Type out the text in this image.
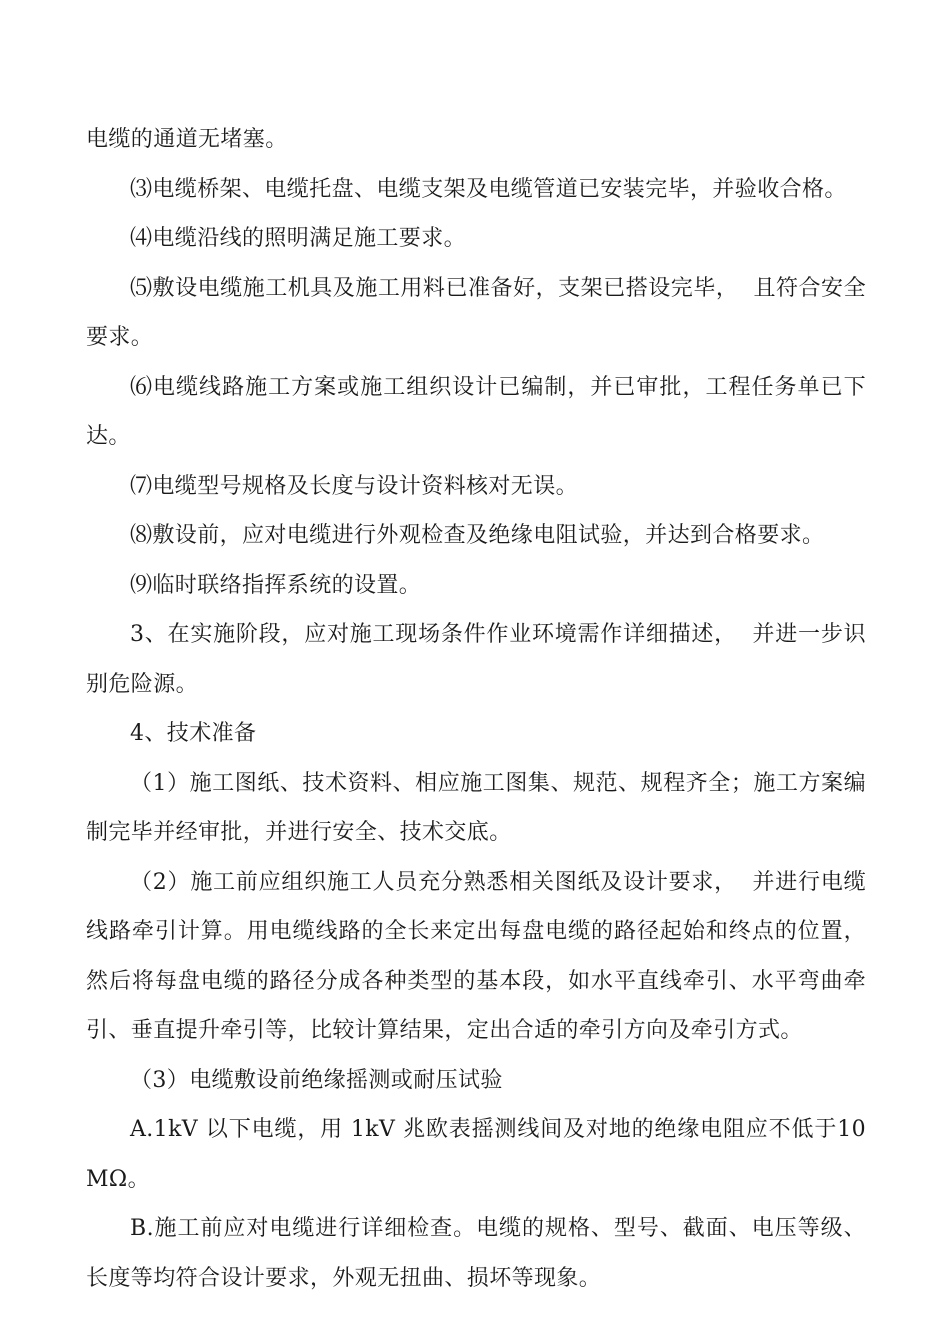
电缆的通道无堵塞。

⑶电缆桥架、电缆托盘、电缆支架及电缆管道已安装完毕，并验收合格。

⑷电缆沿线的照明满足施工要求。

⑸敷设电缆施工机具及施工用料已准备好，支架已搭设完毕，  且符合安全要求。

⑹电缆线路施工方案或施工组织设计已编制，并已审批，工程任务单已下达。

⑺电缆型号规格及长度与设计资料核对无误。

⑻敷设前，应对电缆进行外观检查及绝缘电阻试验，并达到合格要求。

⑼临时联络指挥系统的设置。

3、在实施阶段，应对施工现场条件作业环境需作详细描述，  并进一步识别危险源。

4、技术准备

（1）施工图纸、技术资料、相应施工图集、规范、规程齐全；施工方案编制完毕并经审批，并进行安全、技术交底。

（2）施工前应组织施工人员充分熟悉相关图纸及设计要求，  并进行电缆线路牵引计算。用电缆线路的全长来定出每盘电缆的路径起始和终点的位置，然后将每盘电缆的路径分成各种类型的基本段，如水平直线牵引、水平弯曲牵引、垂直提升牵引等，比较计算结果，定出合适的牵引方向及牵引方式。

（3）电缆敷设前绝缘摇测或耐压试验

A.1kV 以下电缆，用 1kV 兆欧表摇测线间及对地的绝缘电阻应不低于10MΩ。

B.施工前应对电缆进行详细检查。电缆的规格、型号、截面、电压等级、长度等均符合设计要求，外观无扭曲、损坏等现象。
